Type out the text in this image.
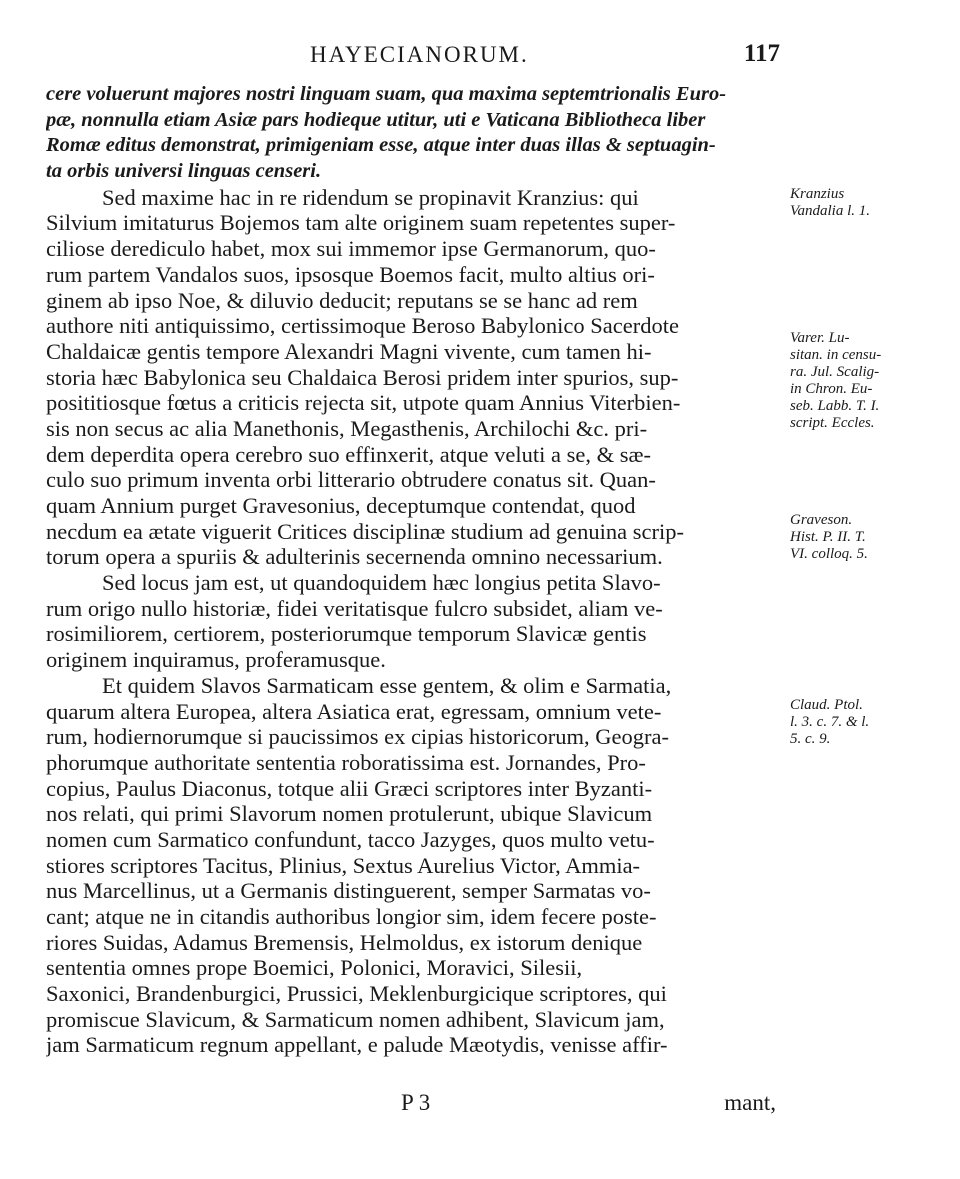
HAYECIANORUM.	117
cere voluerunt majores nostri linguam suam, qua maxima septemtrionalis Euro-
pæ, nonnulla etiam Asiæ pars hodieque utitur, uti e Vaticana Bibliotheca liber
Romæ editus demonstrat, primigeniam esse, atque inter duas illas & septuagin-
ta orbis universi linguas censeri.
Sed maxime hac in re ridendum se propinavit Kranzius: qui
Silvium imitaturus Bojemos tam alte originem suam repetentes super-
ciliose derediculo habet, mox sui immemor ipse Germanorum, quo-
rum partem Vandalos suos, ipsosque Boemos facit, multo altius ori-
ginem ab ipso Noe, & diluvio deducit; reputans se se hanc ad rem
authore niti antiquissimo, certissimoque Beroso Babylonico Sacerdote
Chaldaicæ gentis tempore Alexandri Magni vivente, cum tamen hi-
storia hæc Babylonica seu Chaldaica Berosi pridem inter spurios, sup-
posititiosque fœtus a criticis rejecta sit, utpote quam Annius Viterbien-
sis non secus ac alia Manethonis, Megasthenis, Archilochi &c. pri-
dem deperdita opera cerebro suo effinxerit, atque veluti a se, & sæ-
culo suo primum inventa orbi litterario obtrudere conatus sit. Quan-
quam Annium purget Gravesonius, deceptumque contendat, quod
necdum ea ætate viguerit Critices disciplinæ studium ad genuina scrip-
torum opera a spuriis & adulterinis secernenda omnino necessarium.
Sed locus jam est, ut quandoquidem hæc longius petita Slavo-
rum origo nullo historiæ, fidei veritatisque fulcro subsidet, aliam ve-
rosimiliorem, certiorem, posteriorumque temporum Slavicæ gentis
originem inquiramus, proferamusque.
Et quidem Slavos Sarmaticam esse gentem, & olim e Sarmatia,
quarum altera Europea, altera Asiatica erat, egressam, omnium vete-
rum, hodiernorumque si paucissimos ex cipias historicorum, Geogra-
phorumque authoritate sententia roboratissima est. Jornandes, Pro-
copius, Paulus Diaconus, totque alii Græci scriptores inter Byzanti-
nos relati, qui primi Slavorum nomen protulerunt, ubique Slavicum
nomen cum Sarmatico confundunt, tacco Jazyges, quos multo vetu-
stiores scriptores Tacitus, Plinius, Sextus Aurelius Victor, Ammia-
nus Marcellinus, ut a Germanis distinguerent, semper Sarmatas vo-
cant; atque ne in citandis authoribus longior sim, idem fecere poste-
riores Suidas, Adamus Bremensis, Helmoldus, ex istorum denique
sententia omnes prope Boemici, Polonici, Moravici, Silesii,
Saxonici, Brandenburgici, Prussici, Meklenburgicique scriptores, qui
promiscue Slavicum, & Sarmaticum nomen adhibent, Slavicum jam,
jam Sarmaticum regnum appellant, e palude Mæotydis, venisse affir-
Kranzius
Vandalia l. 1.
Varer. Lu-
sitan. in censu-
ra. Jul. Scalig-
in Chron. Eu-
seb. Labb. T. I.
script. Eccles.
Graveson.
Hist. P. II. T.
VI. colloq. 5.
Claud. Ptol.
l. 3. c. 7. & l.
5. c. 9.
P 3	mant,
